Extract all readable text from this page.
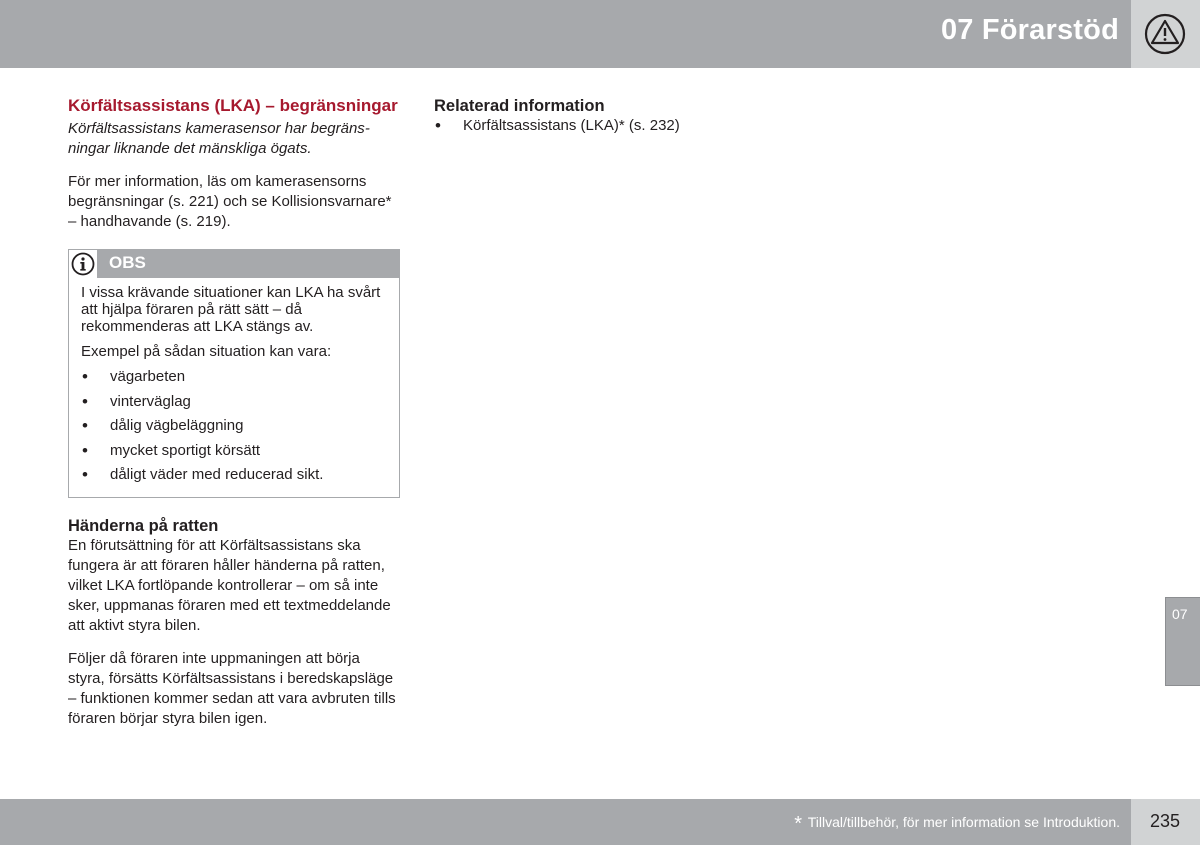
07 Förarstöd
Körfältsassistans (LKA) – begränsningar

Körfältsassistans kamerasensor har begränsningar liknande det mänskliga ögats.

För mer information, läs om kamerasensorns begränsningar (s. 221) och se Kollisionsvarnare* – handhavande (s. 219).

OBS

I vissa krävande situationer kan LKA ha svårt att hjälpa föraren på rätt sätt – då rekommenderas att LKA stängs av.

Exempel på sådan situation kan vara:

• vägarbeten
• vinterväglag
• dålig vägbeläggning
• mycket sportigt körsätt
• dåligt väder med reducerad sikt.
Händerna på ratten

En förutsättning för att Körfältsassistans ska fungera är att föraren håller händerna på ratten, vilket LKA fortlöpande kontrollerar – om så inte sker, uppmanas föraren med ett textmeddelande att aktivt styra bilen.

Följer då föraren inte uppmaningen att börja styra, försätts Körfältsassistans i beredskapsläge – funktionen kommer sedan att vara avbruten tills föraren börjar styra bilen igen.

Relaterad information
• Körfältsassistans (LKA)* (s. 232)
07
* Tillval/tillbehör, för mer information se Introduktion. 235
